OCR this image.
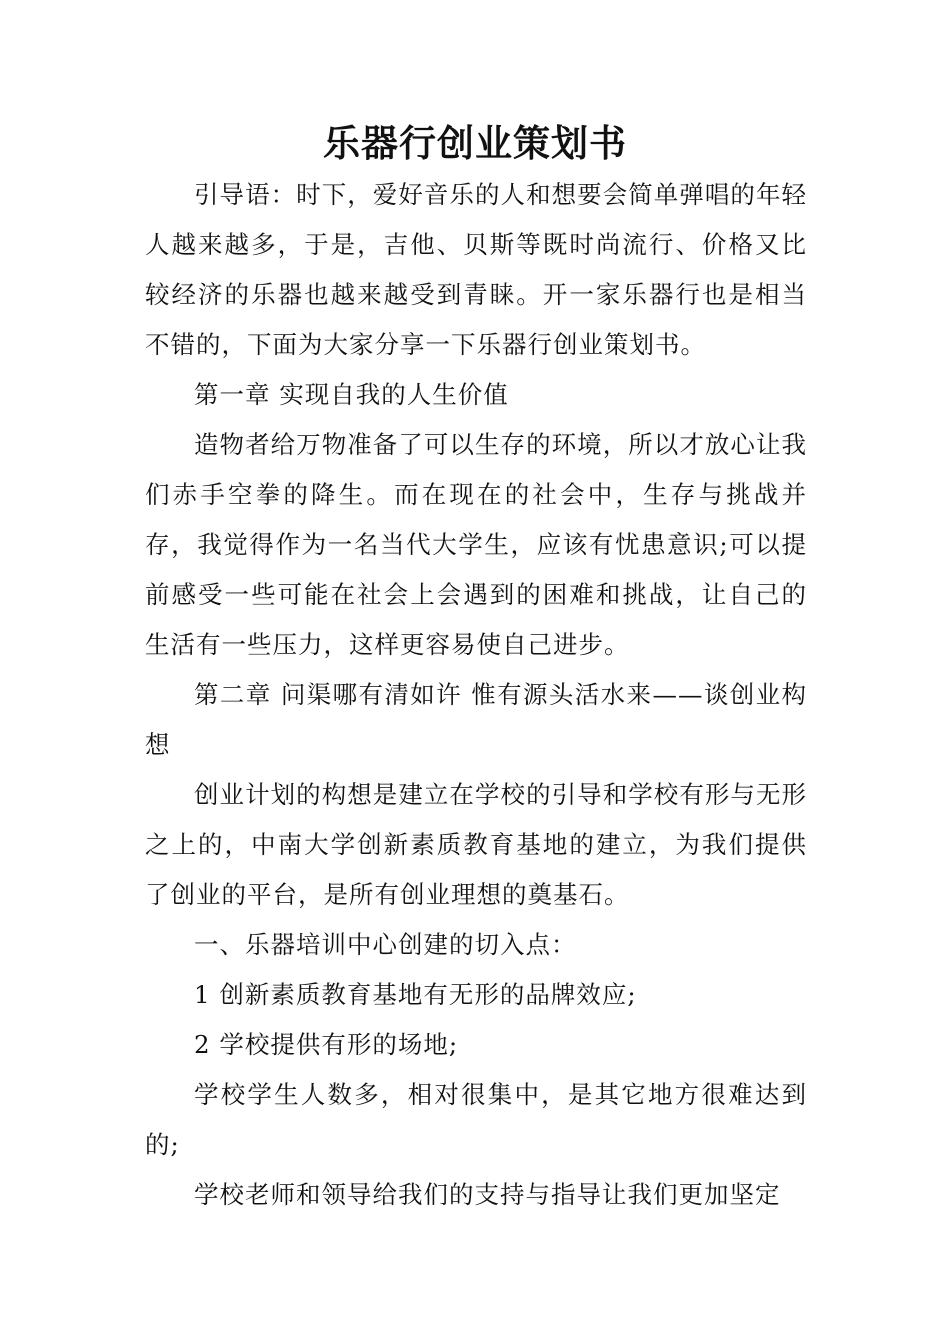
乐器行创业策划书

引导语：时下，爱好音乐的人和想要会简单弹唱的年轻人越来越多，于是，吉他、贝斯等既时尚流行、价格又比较经济的乐器也越来越受到青睐。开一家乐器行也是相当不错的，下面为大家分享一下乐器行创业策划书。

第一章 实现自我的人生价值

造物者给万物准备了可以生存的环境，所以才放心让我们赤手空拳的降生。而在现在的社会中，生存与挑战并存，我觉得作为一名当代大学生，应该有忧患意识;可以提前感受一些可能在社会上会遇到的困难和挑战，让自己的生活有一些压力，这样更容易使自己进步。

第二章 问渠哪有清如许 惟有源头活水来——谈创业构想

创业计划的构想是建立在学校的引导和学校有形与无形之上的，中南大学创新素质教育基地的建立，为我们提供了创业的平台，是所有创业理想的奠基石。

一、乐器培训中心创建的切入点：

1 创新素质教育基地有无形的品牌效应;

2 学校提供有形的场地;

学校学生人数多，相对很集中，是其它地方很难达到的;

学校老师和领导给我们的支持与指导让我们更加坚定
